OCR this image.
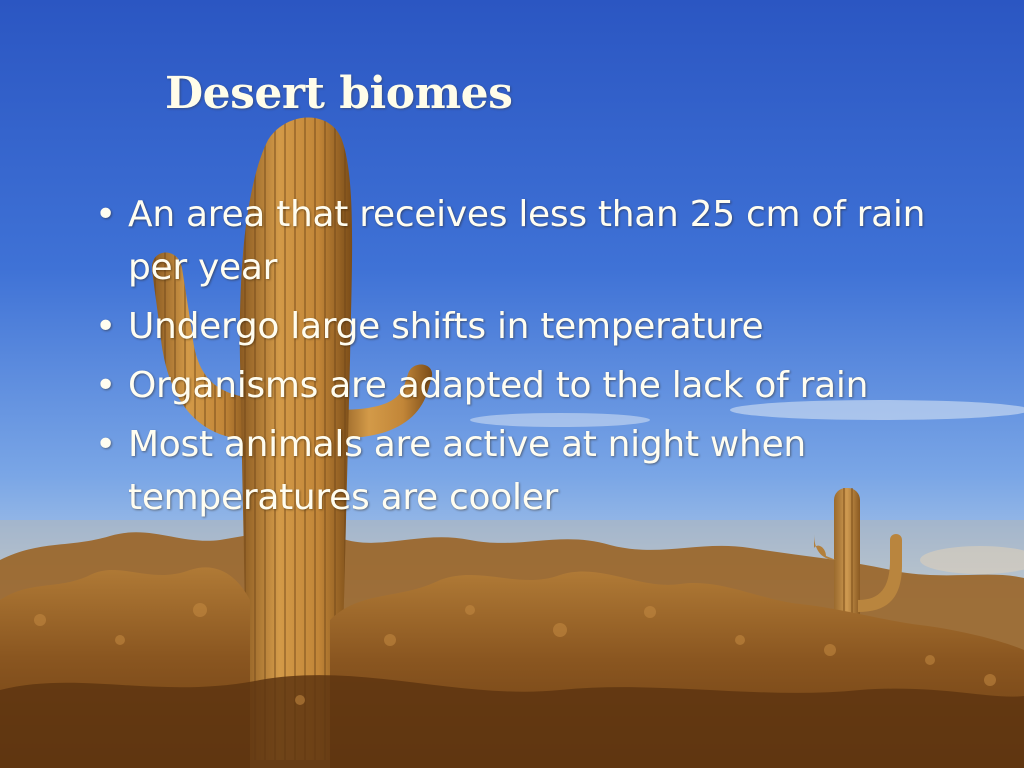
Desert biomes
• An area that receives less than 25 cm of rain per year
• Undergo large shifts in temperature
• Organisms are adapted to the lack of rain
• Most animals are active at night when temperatures are cooler
